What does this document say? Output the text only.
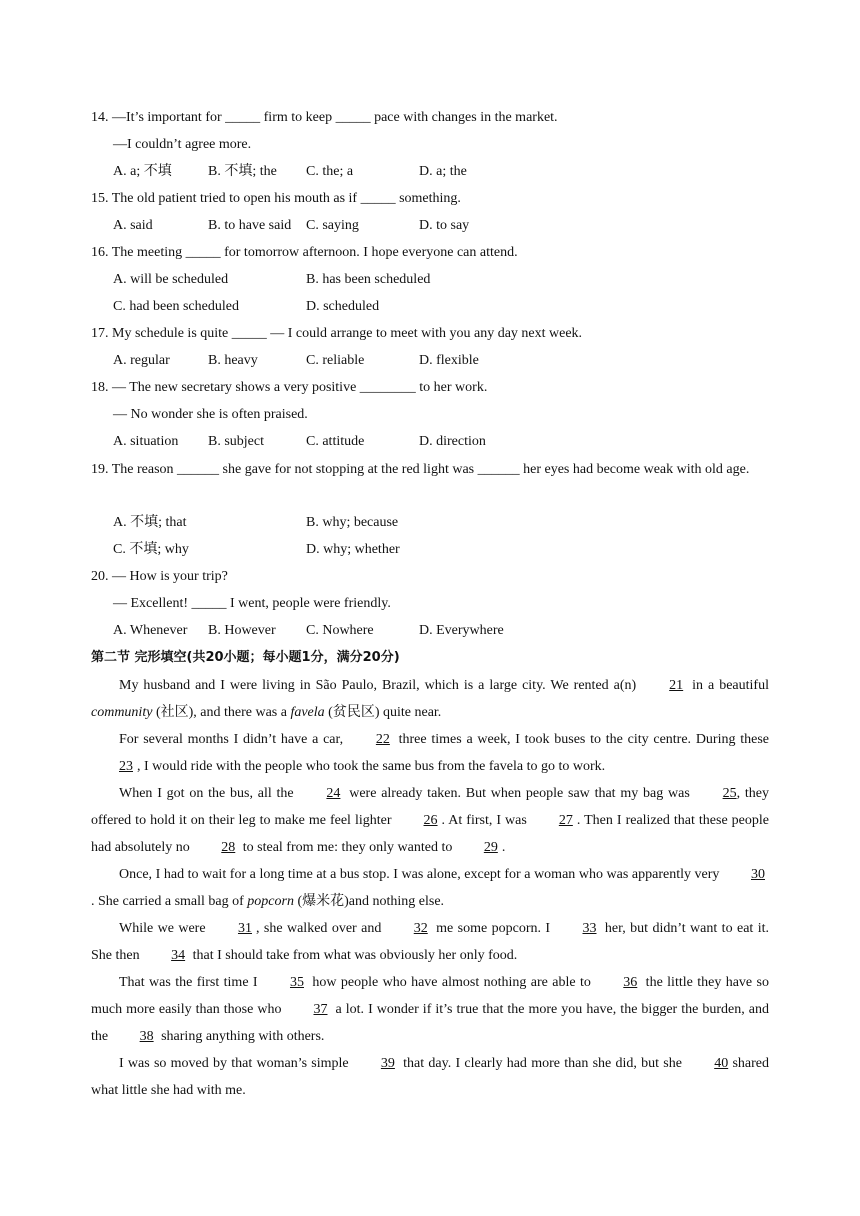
14. —It’s important for _____ firm to keep _____ pace with changes in the market.
—I couldn’t agree more.
A. a; 不填	B. 不填; the C. the; a	D. a; the
15. The old patient tried to open his mouth as if _____ something.
A. said	B. to have said C. saying	D. to say
16. The meeting _____ for tomorrow afternoon. I hope everyone can attend.
A. will be scheduled	B. has been scheduled
C. had been scheduled	D. scheduled
17. My schedule is quite _____ — I could arrange to meet with you any day next week.
A. regular	B. heavy	C. reliable	D. flexible
18. — The new secretary shows a very positive ________ to her work.
— No wonder she is often praised.
A. situation B. subject	C. attitude	D. direction
19. The reason ______ she gave for not stopping at the red light was ______ her eyes had become weak with old age.
A. 不填; that	B. why; because
C. 不填; why	D. why; whether
20. — How is your trip?
— Excellent! _____ I went, people were friendly.
A. Whenever B. However C. Nowhere	D. Everywhere
第二节 完形填空(共20小题；每小题1分，满分20分)
My husband and I were living in São Paulo, Brazil, which is a large city. We rented a(n) 21 in a beautiful community (社区), and there was a favela (贫民区) quite near.
For several months I didn’t have a car, 22 three times a week, I took buses to the city centre. During these 23 , I would ride with the people who took the same bus from the favela to go to work.
When I got on the bus, all the 24 were already taken. But when people saw that my bag was 25, they offered to hold it on their leg to make me feel lighter 26 . At first, I was 27 . Then I realized that these people had absolutely no 28 to steal from me: they only wanted to 29 .
Once, I had to wait for a long time at a bus stop. I was alone, except for a woman who was apparently very 30. She carried a small bag of popcorn (爆米花)and nothing else.
While we were 31 , she walked over and 32 me some popcorn. I 33 her, but didn’t want to eat it. She then 34 that I should take from what was obviously her only food.
That was the first time I 35 how people who have almost nothing are able to 36 the little they have so much more easily than those who 37 a lot. I wonder if it’s true that the more you have, the bigger the burden, and the 38 sharing anything with others.
I was so moved by that woman’s simple 39 that day. I clearly had more than she did, but she 40 shared what little she had with me.
